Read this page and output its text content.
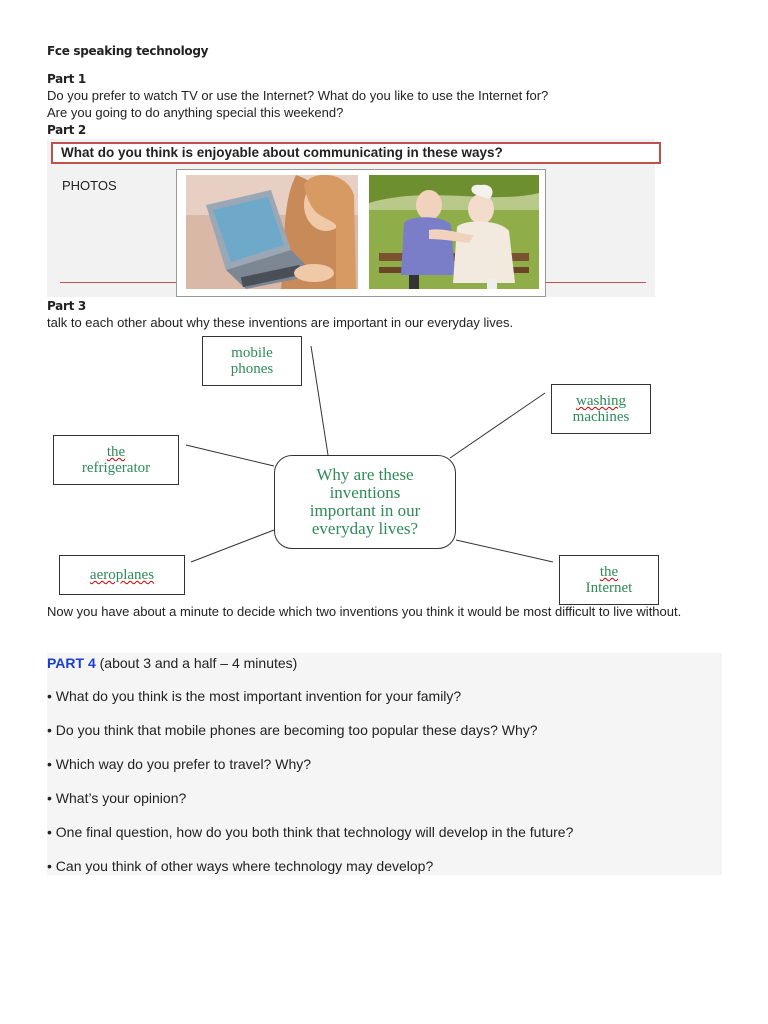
Fce speaking technology
Part 1
Do you prefer to watch TV or use the Internet? What do you like to use the Internet for?
Are you going to do anything special this weekend?
Part 2
What do you think is enjoyable about communicating in these ways?
PHOTOS
Part 3
talk to each other about why these inventions are important in our everyday lives.
mobile
phones
washing
machines
the
refrigerator
aeroplanes	the
Internet
Why are these
inventions
important in our
everyday lives?
Now you have about a minute to decide which two inventions you think it would be most difficult to live without.
PART 4 (about 3 and a half – 4 minutes)
• What do you think is the most important invention for your family?
• Do you think that mobile phones are becoming too popular these days? Why?
• Which way do you prefer to travel? Why?
• What’s your opinion?
• One final question, how do you both think that technology will develop in the future?
• Can you think of other ways where technology may develop?
